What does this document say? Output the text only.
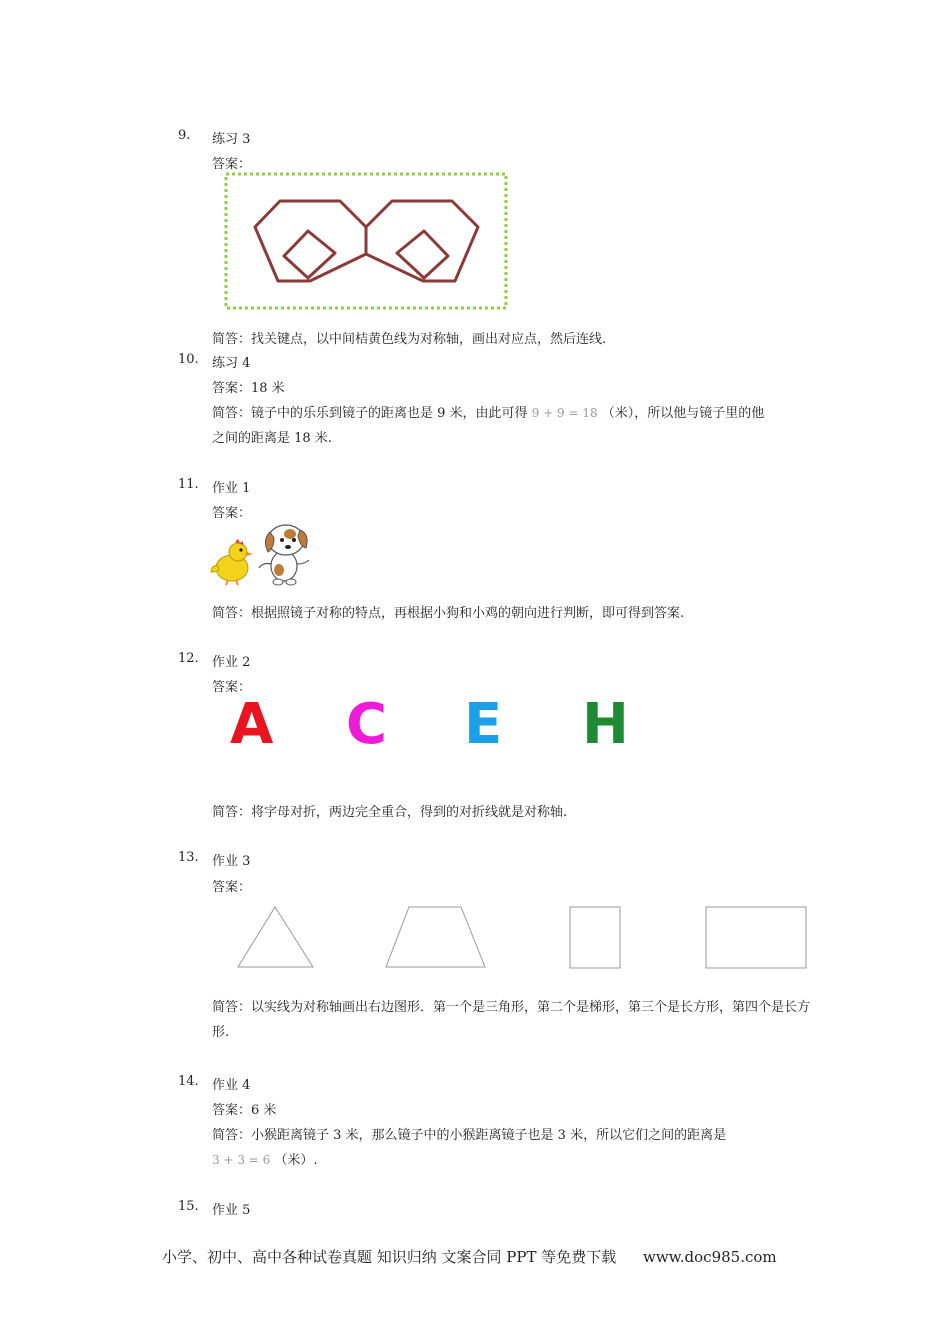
9. 练习 3
答案：
简答：找关键点，以中间桔黄色线为对称轴，画出对应点，然后连线.
10. 练习 4
答案：18 米
简答：镜子中的乐乐到镜子的距离也是 9 米，由此可得 9 + 9 = 18 （米），所以他与镜子里的他
之间的距离是 18 米.
11. 作业 1
答案：
简答：根据照镜子对称的特点，再根据小狗和小鸡的朝向进行判断，即可得到答案.
12. 作业 2
答案：
A C E H
简答：将字母对折，两边完全重合，得到的对折线就是对称轴.
13. 作业 3
答案：
简答：以实线为对称轴画出右边图形．第一个是三角形，第二个是梯形，第三个是长方形，第四个是长方形.
14. 作业 4
答案：6 米
简答：小猴距离镜子 3 米，那么镜子中的小猴距离镜子也是 3 米，所以它们之间的距离是
3 + 3 = 6 （米）.
15. 作业 5
小学、初中、高中各种试卷真题 知识归纳 文案合同 PPT 等免费下载 www.doc985.com
